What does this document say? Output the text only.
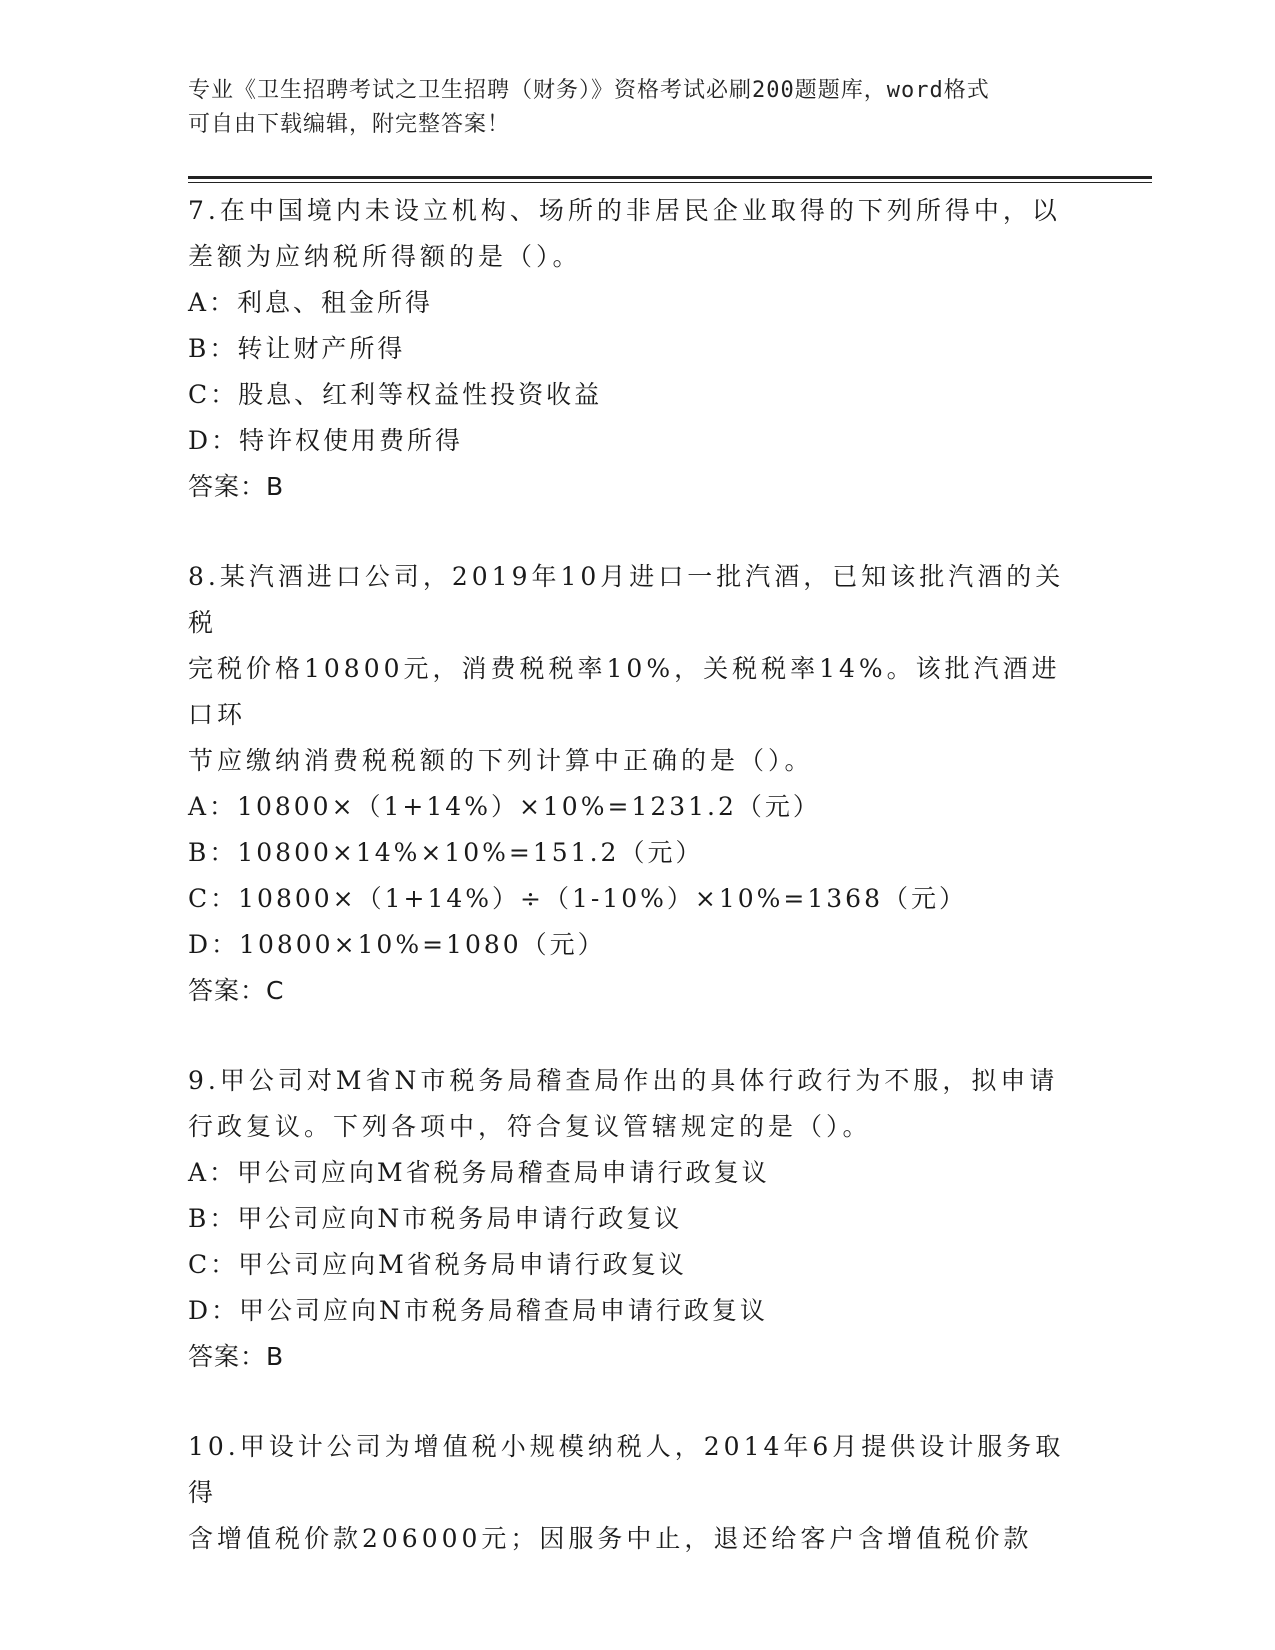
专业《卫生招聘考试之卫生招聘（财务）》资格考试必刷200题题库，word格式
可自由下载编辑，附完整答案！

7.在中国境内未设立机构、场所的非居民企业取得的下列所得中，以

差额为应纳税所得额的是（）。

A：利息、租金所得

B：转让财产所得

C：股息、红利等权益性投资收益

D：特许权使用费所得

答案：B

8.某汽酒进口公司，2019年10月进口一批汽酒，已知该批汽酒的关税

完税价格10800元，消费税税率10%，关税税率14%。该批汽酒进口环

节应缴纳消费税税额的下列计算中正确的是（）。

A：10800×（1+14%）×10%=1231.2（元）

B：10800×14%×10%=151.2（元）

C：10800×（1+14%）÷（1-10%）×10%=1368（元）

D：10800×10%=1080（元）

答案：C

9.甲公司对M省N市税务局稽查局作出的具体行政行为不服，拟申请

行政复议。下列各项中，符合复议管辖规定的是（）。

A：甲公司应向M省税务局稽查局申请行政复议

B：甲公司应向N市税务局申请行政复议

C：甲公司应向M省税务局申请行政复议

D：甲公司应向N市税务局稽查局申请行政复议

答案：B

10.甲设计公司为增值税小规模纳税人，2014年6月提供设计服务取得

含增值税价款206000元；因服务中止，退还给客户含增值税价款
